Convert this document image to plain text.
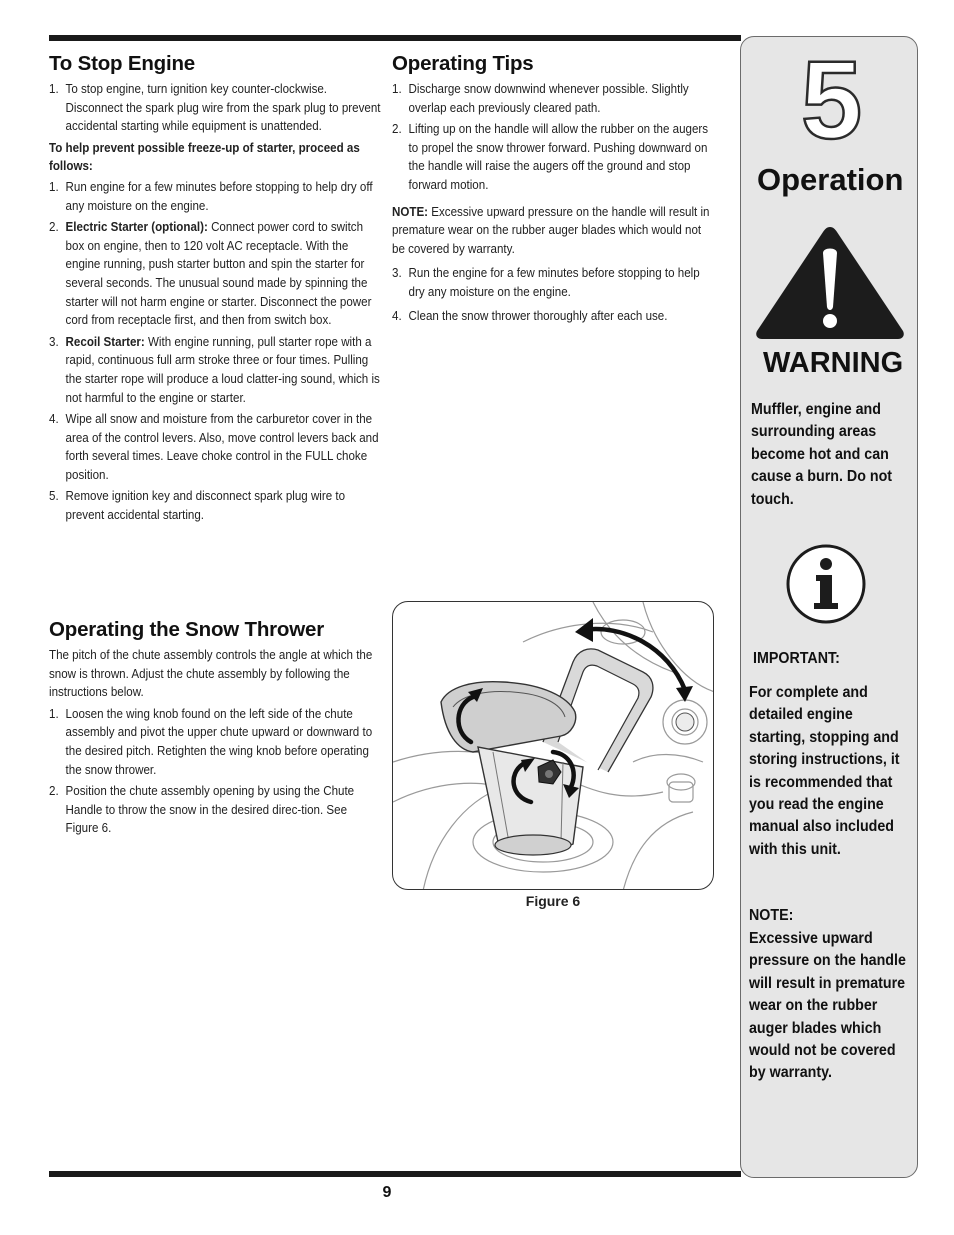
To Stop Engine
1. To stop engine, turn ignition key counter-clockwise. Disconnect the spark plug wire from the spark plug to prevent accidental starting while equipment is unattended.
To help prevent possible freeze-up of starter, proceed as follows:
1. Run engine for a few minutes before stopping to help dry off any moisture on the engine.
2. Electric Starter (optional): Connect power cord to switch box on engine, then to 120 volt AC receptacle. With the engine running, push starter button and spin the starter for several seconds. The unusual sound made by spinning the starter will not harm engine or starter. Disconnect the power cord from receptacle first, and then from switch box.
3. Recoil Starter: With engine running, pull starter rope with a rapid, continuous full arm stroke three or four times. Pulling the starter rope will produce a loud clatter-ing sound, which is not harmful to the engine or starter.
4. Wipe all snow and moisture from the carburetor cover in the area of the control levers. Also, move control levers back and forth several times. Leave choke control in the FULL choke position.
5. Remove ignition key and disconnect spark plug wire to prevent accidental starting.
Operating Tips
1. Discharge snow downwind whenever possible. Slightly overlap each previously cleared path.
2. Lifting up on the handle will allow the rubber on the augers to propel the snow thrower forward. Pushing downward on the handle will raise the augers off the ground and stop forward motion.
NOTE: Excessive upward pressure on the handle will result in premature wear on the rubber auger blades which would not be covered by warranty.
3. Run the engine for a few minutes before stopping to help dry any moisture on the engine.
4. Clean the snow thrower thoroughly after each use.
Operating the Snow Thrower
The pitch of the chute assembly controls the angle at which the snow is thrown. Adjust the chute assembly by following the instructions below.
1. Loosen the wing knob found on the left side of the chute assembly and pivot the upper chute upward or downward to the desired pitch. Retighten the wing knob before operating the snow thrower.
2. Position the chute assembly opening by using the Chute Handle to throw the snow in the desired direc-tion. See Figure 6.
Figure 6
5
Operation
WARNING
Muffler, engine and surrounding areas become hot and can cause a burn. Do not touch.
IMPORTANT:
For complete and detailed engine starting, stopping and storing instructions, it is recommended that you read the engine manual also included with this unit.
NOTE:
Excessive upward pressure on the handle will result in premature wear on the rubber auger blades which would not be covered by warranty.
9
